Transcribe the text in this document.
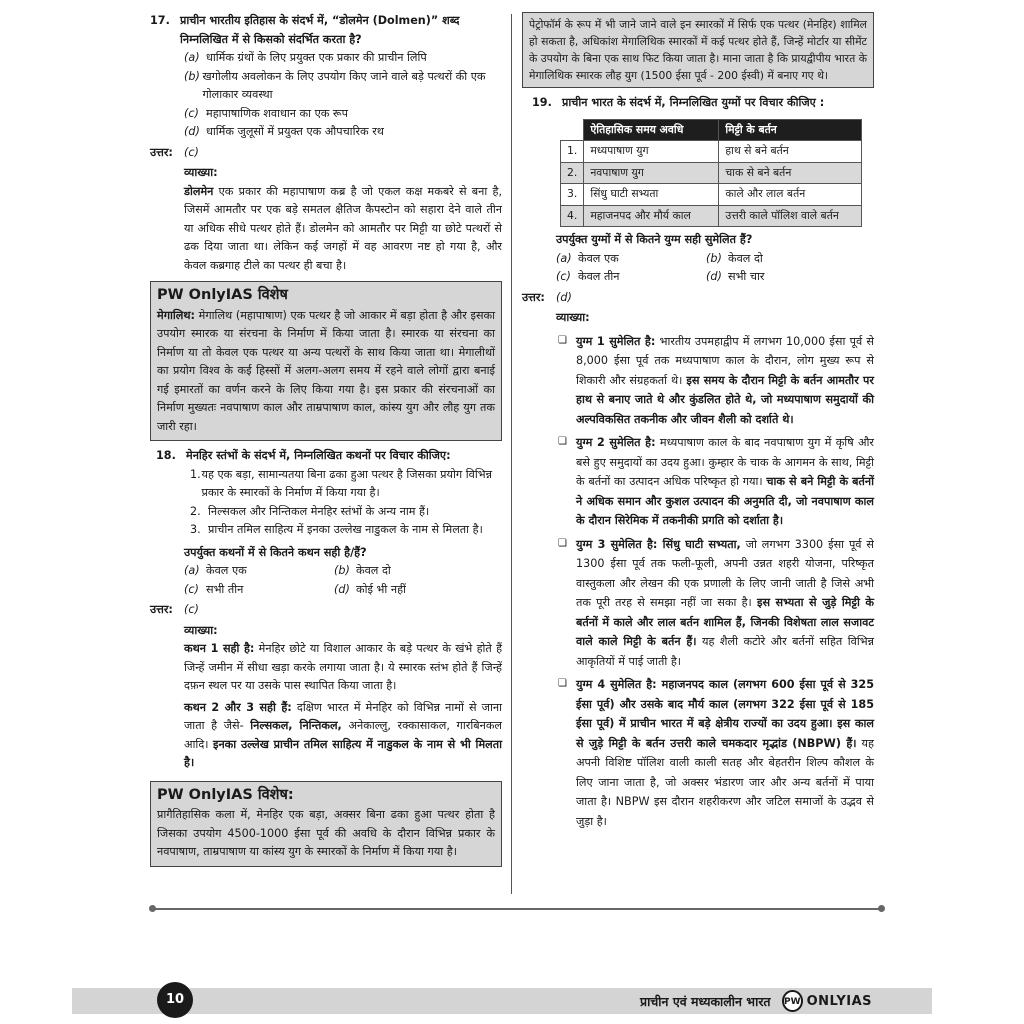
17. प्राचीन भारतीय इतिहास के संदर्भ में, “डोलमेन (Dolmen)” शब्द निम्नलिखित में से किसको संदर्भित करता है?
(a) धार्मिक ग्रंथों के लिए प्रयुक्त एक प्रकार की प्राचीन लिपि
(b) खगोलीय अवलोकन के लिए उपयोग किए जाने वाले बड़े पत्थरों की एक गोलाकार व्यवस्था
(c) महापाषाणिक शवाधान का एक रूप
(d) धार्मिक जुलूसों में प्रयुक्त एक औपचारिक रथ
उत्तर: (c)
व्याख्या:
डोलमेन एक प्रकार की महापाषाण कब्र है जो एकल कक्ष मकबरे से बना है, जिसमें आमतौर पर एक बड़े समतल क्षैतिज कैपस्टोन को सहारा देने वाले तीन या अधिक सीधे पत्थर होते हैं। डोलमेन को आमतौर पर मिट्टी या छोटे पत्थरों से ढक दिया जाता था। लेकिन कई जगहों में वह आवरण नष्ट हो गया है, और केवल कब्रगाह टीले का पत्थर ही बचा है।
PW OnlyIAS विशेष
मेगालिथ: मेगालिथ (महापाषाण) एक पत्थर है जो आकार में बड़ा होता है और इसका उपयोग स्मारक या संरचना के निर्माण में किया जाता है। स्मारक या संरचना का निर्माण या तो केवल एक पत्थर या अन्य पत्थरों के साथ किया जाता था। मेगालीथों का प्रयोग विश्व के कई हिस्सों में अलग-अलग समय में रहने वाले लोगों द्वारा बनाई गई इमारतों का वर्णन करने के लिए किया गया है। इस प्रकार की संरचनाओं का निर्माण मुख्यतः नवपाषाण काल और ताम्रपाषाण काल, कांस्य युग और लौह युग तक जारी रहा।
18. मेनहिर स्तंभों के संदर्भ में, निम्नलिखित कथनों पर विचार कीजिए:
1. यह एक बड़ा, सामान्यतया बिना ढका हुआ पत्थर है जिसका प्रयोग विभिन्न प्रकार के स्मारकों के निर्माण में किया गया है।
2. निल्सकल और निन्तिकल मेनहिर स्तंभों के अन्य नाम हैं।
3. प्राचीन तमिल साहित्य में इनका उल्लेख नाडुकल के नाम से मिलता है।
उपर्युक्त कथनों में से कितने कथन सही है/हैं?
(a) केवल एक	(b) केवल दो
(c) सभी तीन	(d) कोई भी नहीं
उत्तर: (c)
व्याख्या:
कथन 1 सही है: मेनहिर छोटे या विशाल आकार के बड़े पत्थर के खंभे होते हैं जिन्हें जमीन में सीधा खड़ा करके लगाया जाता है। ये स्मारक स्तंभ होते हैं जिन्हें दफ़न स्थल पर या उसके पास स्थापित किया जाता है।
कथन 2 और 3 सही हैं: दक्षिण भारत में मेनहिर को विभिन्न नामों से जाना जाता है जैसे- निल्सकल, निन्तिकल, अनेकाल्लु, रक्कासाकल, गारबिनकल आदि। इनका उल्लेख प्राचीन तमिल साहित्य में नाडुकल के नाम से भी मिलता है।
PW OnlyIAS विशेष:
प्रागैतिहासिक कला में, मेनहिर एक बड़ा, अक्सर बिना ढका हुआ पत्थर होता है जिसका उपयोग 4500-1000 ईसा पूर्व की अवधि के दौरान विभिन्न प्रकार के नवपाषाण, ताम्रपाषाण या कांस्य युग के स्मारकों के निर्माण में किया गया है।
पेट्रोफॉर्म के रूप में भी जाने जाने वाले इन स्मारकों में सिर्फ एक पत्थर (मेनहिर) शामिल हो सकता है, अधिकांश मेगालिथिक स्मारकों में कई पत्थर होते हैं, जिन्हें मोर्टार या सीमेंट के उपयोग के बिना एक साथ फिट किया जाता है। माना जाता है कि प्रायद्वीपीय भारत के मेगालिथिक स्मारक लौह युग (1500 ईसा पूर्व - 200 ईस्वी) में बनाए गए थे।
19. प्राचीन भारत के संदर्भ में, निम्नलिखित युग्मों पर विचार कीजिए :
	ऐतिहासिक समय अवधि	मिट्टी के बर्तन
1.	मध्यपाषाण युग	हाथ से बने बर्तन
2.	नवपाषाण युग	चाक से बने बर्तन
3.	सिंधु घाटी सभ्यता	काले और लाल बर्तन
4.	महाजनपद और मौर्य काल	उत्तरी काले पॉलिश वाले बर्तन
उपर्युक्त युग्मों में से कितने युग्म सही सुमेलित हैं?
(a) केवल एक	(b) केवल दो
(c) केवल तीन	(d) सभी चार
उत्तर: (d)
व्याख्या:
❏ युग्म 1 सुमेलित है: भारतीय उपमहाद्वीप में लगभग 10,000 ईसा पूर्व से 8,000 ईसा पूर्व तक मध्यपाषाण काल के दौरान, लोग मुख्य रूप से शिकारी और संग्रहकर्ता थे। इस समय के दौरान मिट्टी के बर्तन आमतौर पर हाथ से बनाए जाते थे और कुंडलित होते थे, जो मध्यपाषाण समुदायों की अल्पविकसित तकनीक और जीवन शैली को दर्शाते थे।
❏ युग्म 2 सुमेलित है: मध्यपाषाण काल के बाद नवपाषाण युग में कृषि और बसे हुए समुदायों का उदय हुआ। कुम्हार के चाक के आगमन के साथ, मिट्टी के बर्तनों का उत्पादन अधिक परिष्कृत हो गया। चाक से बने मिट्टी के बर्तनों ने अधिक समान और कुशल उत्पादन की अनुमति दी, जो नवपाषाण काल के दौरान सिरेमिक में तकनीकी प्रगति को दर्शाता है।
❏ युग्म 3 सुमेलित है: सिंधु घाटी सभ्यता, जो लगभग 3300 ईसा पूर्व से 1300 ईसा पूर्व तक फली-फूली, अपनी उन्नत शहरी योजना, परिष्कृत वास्तुकला और लेखन की एक प्रणाली के लिए जानी जाती है जिसे अभी तक पूरी तरह से समझा नहीं जा सका है। इस सभ्यता से जुड़े मिट्टी के बर्तनों में काले और लाल बर्तन शामिल हैं, जिनकी विशेषता लाल सजावट वाले काले मिट्टी के बर्तन हैं। यह शैली कटोरे और बर्तनों सहित विभिन्न आकृतियों में पाई जाती है।
❏ युग्म 4 सुमेलित है: महाजनपद काल (लगभग 600 ईसा पूर्व से 325 ईसा पूर्व) और उसके बाद मौर्य काल (लगभग 322 ईसा पूर्व से 185 ईसा पूर्व) में प्राचीन भारत में बड़े क्षेत्रीय राज्यों का उदय हुआ। इस काल से जुड़े मिट्टी के बर्तन उत्तरी काले चमकदार मृद्भांड (NBPW) हैं। यह अपनी विशिष्ट पॉलिश वाली काली सतह और बेहतरीन शिल्प कौशल के लिए जाना जाता है, जो अक्सर भंडारण जार और अन्य बर्तनों में पाया जाता है। NBPW इस दौरान शहरीकरण और जटिल समाजों के उद्भव से जुड़ा है।
10	प्राचीन एवं मध्यकालीन भारत PW ONLYIAS
